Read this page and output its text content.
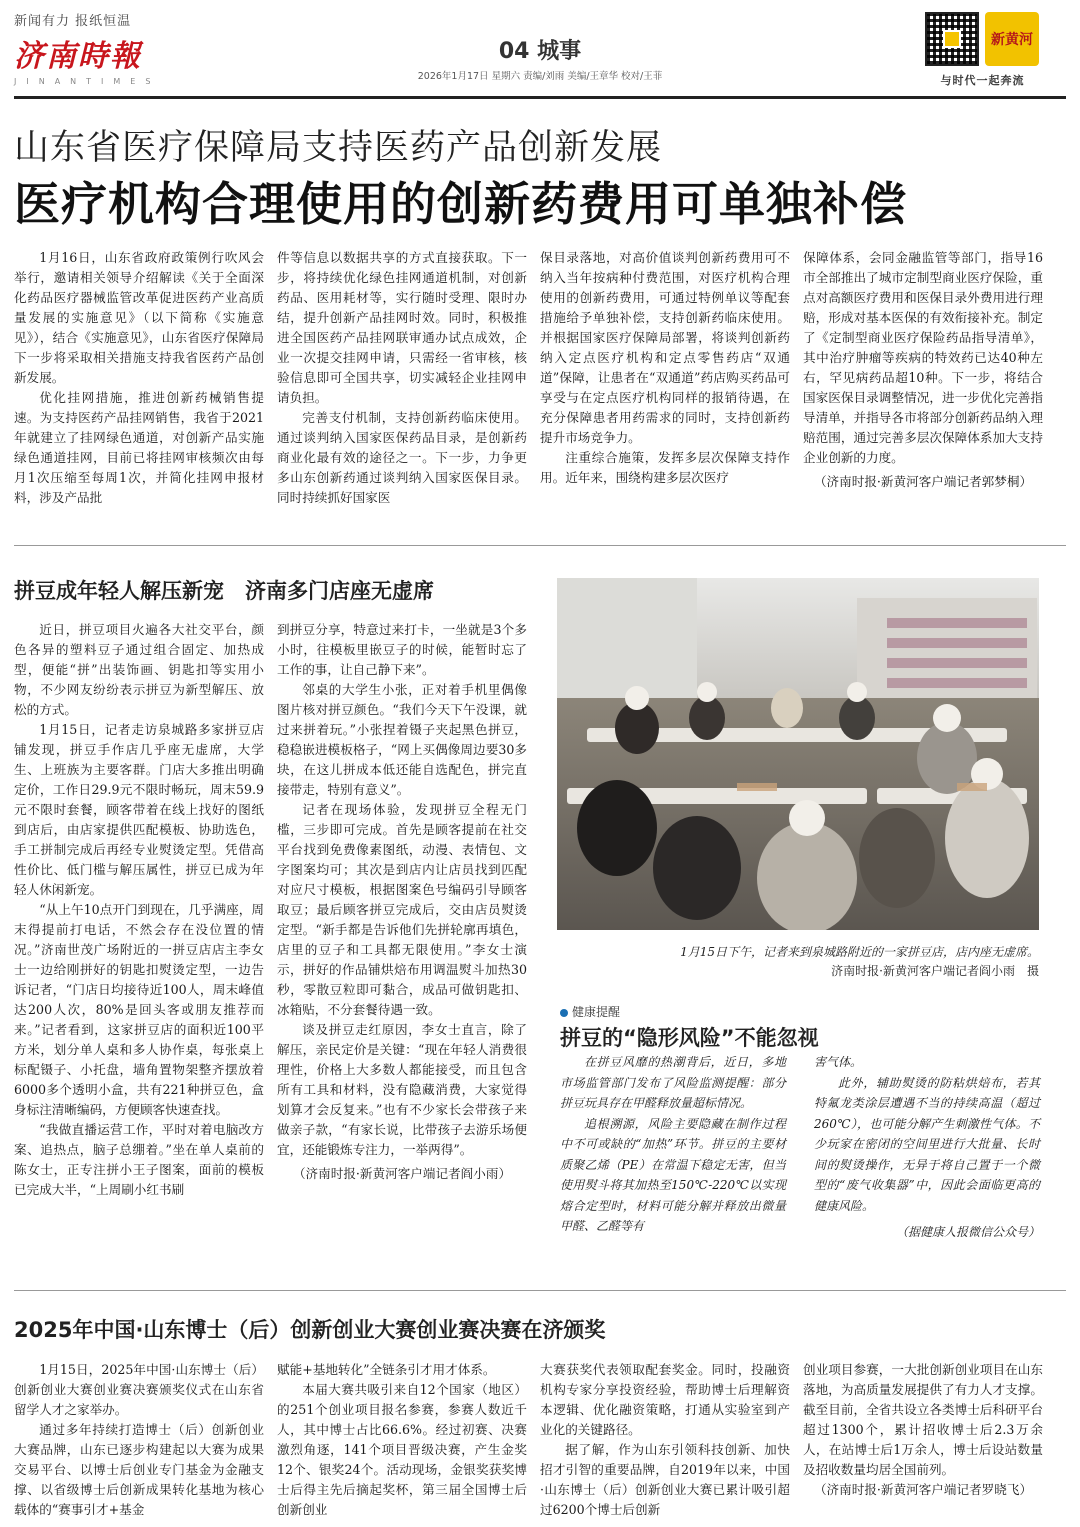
新闻有力 报纸恒温
济南時報
JINANTIMES
04 城事
2026年1月17日 星期六 责编/刘雨 美编/王章华 校对/王菲
新黄河
与时代一起奔流
山东省医疗保障局支持医药产品创新发展
医疗机构合理使用的创新药费用可单独补偿

1月16日，山东省政府政策例行吹风会举行，邀请相关领导介绍解读《关于全面深化药品医疗器械监管改革促进医药产业高质量发展的实施意见》（以下简称《实施意见》），结合《实施意见》，山东省医疗保障局下一步将采取相关措施支持我省医药产品创新发展。

优化挂网措施，推进创新药械销售提速。为支持医药产品挂网销售，我省于2021年就建立了挂网绿色通道，对创新产品实施绿色通道挂网，目前已将挂网审核频次由每月1次压缩至每周1次，并简化挂网申报材料，涉及产品批

件等信息以数据共享的方式直接获取。下一步，将持续优化绿色挂网通道机制，对创新药品、医用耗材等，实行随时受理、限时办结，提升创新产品挂网时效。同时，积极推进全国医药产品挂网联审通办试点成效，企业一次提交挂网申请，只需经一省审核，核验信息即可全国共享，切实减轻企业挂网申请负担。

完善支付机制，支持创新药临床使用。通过谈判纳入国家医保药品目录，是创新药商业化最有效的途径之一。下一步，力争更多山东创新药通过谈判纳入国家医保目录。同时持续抓好国家医

保目录落地，对高价值谈判创新药费用可不纳入当年按病种付费范围，对医疗机构合理使用的创新药费用，可通过特例单议等配套措施给予单独补偿，支持创新药临床使用。并根据国家医疗保障局部署，将谈判创新药纳入定点医疗机构和定点零售药店“双通道”保障，让患者在“双通道”药店购买药品可享受与在定点医疗机构同样的报销待遇，在充分保障患者用药需求的同时，支持创新药提升市场竞争力。

注重综合施策，发挥多层次保障支持作用。近年来，围绕构建多层次医疗

保障体系，会同金融监管等部门，指导16市全部推出了城市定制型商业医疗保险，重点对高额医疗费用和医保目录外费用进行理赔，形成对基本医保的有效衔接补充。制定了《定制型商业医疗保险药品指导清单》，其中治疗肿瘤等疾病的特效药已达40种左右，罕见病药品超10种。下一步，将结合国家医保目录调整情况，进一步优化完善指导清单，并指导各市将部分创新药品纳入理赔范围，通过完善多层次保障体系加大支持企业创新的力度。

（济南时报·新黄河客户端记者郭梦桐）

拼豆成年轻人解压新宠　济南多门店座无虚席

近日，拼豆项目火遍各大社交平台，颜色各异的塑料豆子通过组合固定、加热成型，便能“拼”出装饰画、钥匙扣等实用小物，不少网友纷纷表示拼豆为新型解压、放松的方式。

1月15日，记者走访泉城路多家拼豆店铺发现，拼豆手作店几乎座无虚席，大学生、上班族为主要客群。门店大多推出明确定价，工作日29.9元不限时畅玩，周末59.9元不限时套餐，顾客带着在线上找好的图纸到店后，由店家提供匹配模板、协助选色，手工拼制完成后再经专业熨烫定型。凭借高性价比、低门槛与解压属性，拼豆已成为年轻人休闲新宠。

“从上午10点开门到现在，几乎满座，周末得提前打电话，不然会存在没位置的情况。”济南世茂广场附近的一拼豆店店主李女士一边给刚拼好的钥匙扣熨烫定型，一边告诉记者，“门店日均接待近100人，周末峰值达200人次，80%是回头客或朋友推荐而来。”记者看到，这家拼豆店的面积近100平方米，划分单人桌和多人协作桌，每张桌上标配镊子、小托盘，墙角置物架整齐摆放着6000多个透明小盒，共有221种拼豆色，盒身标注清晰编码，方便顾客快速查找。

“我做直播运营工作，平时对着电脑改方案、追热点，脑子总绷着。”坐在单人桌前的陈女士，正专注拼小王子图案，面前的模板已完成大半，“上周刷小红书刷

到拼豆分享，特意过来打卡，一坐就是3个多小时，往模板里嵌豆子的时候，能暂时忘了工作的事，让自己静下来”。

邻桌的大学生小张，正对着手机里偶像图片核对拼豆颜色。“我们今天下午没课，就过来拼着玩。”小张捏着镊子夹起黑色拼豆，稳稳嵌进模板格子，“网上买偶像周边要30多块，在这儿拼成本低还能自选配色，拼完直接带走，特别有意义”。

记者在现场体验，发现拼豆全程无门槛，三步即可完成。首先是顾客提前在社交平台找到免费像素图纸，动漫、表情包、文字图案均可；其次是到店内让店员找到匹配对应尺寸模板，根据图案色号编码引导顾客取豆；最后顾客拼豆完成后，交由店员熨烫定型。“新手都是告诉他们先拼轮廓再填色，店里的豆子和工具都无限使用。”李女士演示，拼好的作品铺烘焙布用调温熨斗加热30秒，零散豆粒即可黏合，成品可做钥匙扣、冰箱贴，不分套餐待遇一致。

谈及拼豆走红原因，李女士直言，除了解压，亲民定价是关键：“现在年轻人消费很理性，价格上大多数人都能接受，而且包含所有工具和材料，没有隐藏消费，大家觉得划算才会反复来。”也有不少家长会带孩子来做亲子款，“有家长说，比带孩子去游乐场便宜，还能锻炼专注力，一举两得”。

（济南时报·新黄河客户端记者阎小雨）

1月15日下午，记者来到泉城路附近的一家拼豆店，店内座无虚席。
济南时报·新黄河客户端记者阎小雨　摄
健康提醒
拼豆的“隐形风险”不能忽视

在拼豆风靡的热潮背后，近日，多地市场监管部门发布了风险监测提醒：部分拼豆玩具存在甲醛释放量超标情况。

追根溯源，风险主要隐藏在制作过程中不可或缺的“加热”环节。拼豆的主要材质聚乙烯（PE）在常温下稳定无害，但当使用熨斗将其加热至150℃-220℃以实现熔合定型时，材料可能分解并释放出微量甲醛、乙醛等有

害气体。

此外，辅助熨烫的防粘烘焙布，若其特氟龙类涂层遭遇不当的持续高温（超过260℃），也可能分解产生刺激性气体。不少玩家在密闭的空间里进行大批量、长时间的熨烫操作，无异于将自己置于一个微型的“废气收集器”中，因此会面临更高的健康风险。

（据健康人报微信公众号）

2025年中国·山东博士（后）创新创业大赛创业赛决赛在济颁奖

1月15日，2025年中国·山东博士（后）创新创业大赛创业赛决赛颁奖仪式在山东省留学人才之家举办。

通过多年持续打造博士（后）创新创业大赛品牌，山东已逐步构建起以大赛为成果交易平台、以博士后创业专门基金为金融支撑、以省级博士后创新成果转化基地为核心载体的“赛事引才+基金

赋能+基地转化”全链条引才用才体系。

本届大赛共吸引来自12个国家（地区）的251个创业项目报名参赛，参赛人数近千人，其中博士占比66.6%。经过初赛、决赛激烈角逐，141个项目晋级决赛，产生金奖12个、银奖24个。活动现场，金银奖获奖博士后得主先后摘起奖杯，第三届全国博士后创新创业

大赛获奖代表领取配套奖金。同时，投融资机构专家分享投资经验，帮助博士后理解资本逻辑、优化融资策略，打通从实验室到产业化的关键路径。

据了解，作为山东引领科技创新、加快招才引智的重要品牌，自2019年以来，中国·山东博士（后）创新创业大赛已累计吸引超过6200个博士后创新

创业项目参赛，一大批创新创业项目在山东落地，为高质量发展提供了有力人才支撑。截至目前，全省共设立各类博士后科研平台超过1300个，累计招收博士后2.3万余人，在站博士后1万余人，博士后设站数量及招收数量均居全国前列。

（济南时报·新黄河客户端记者罗晓飞）
